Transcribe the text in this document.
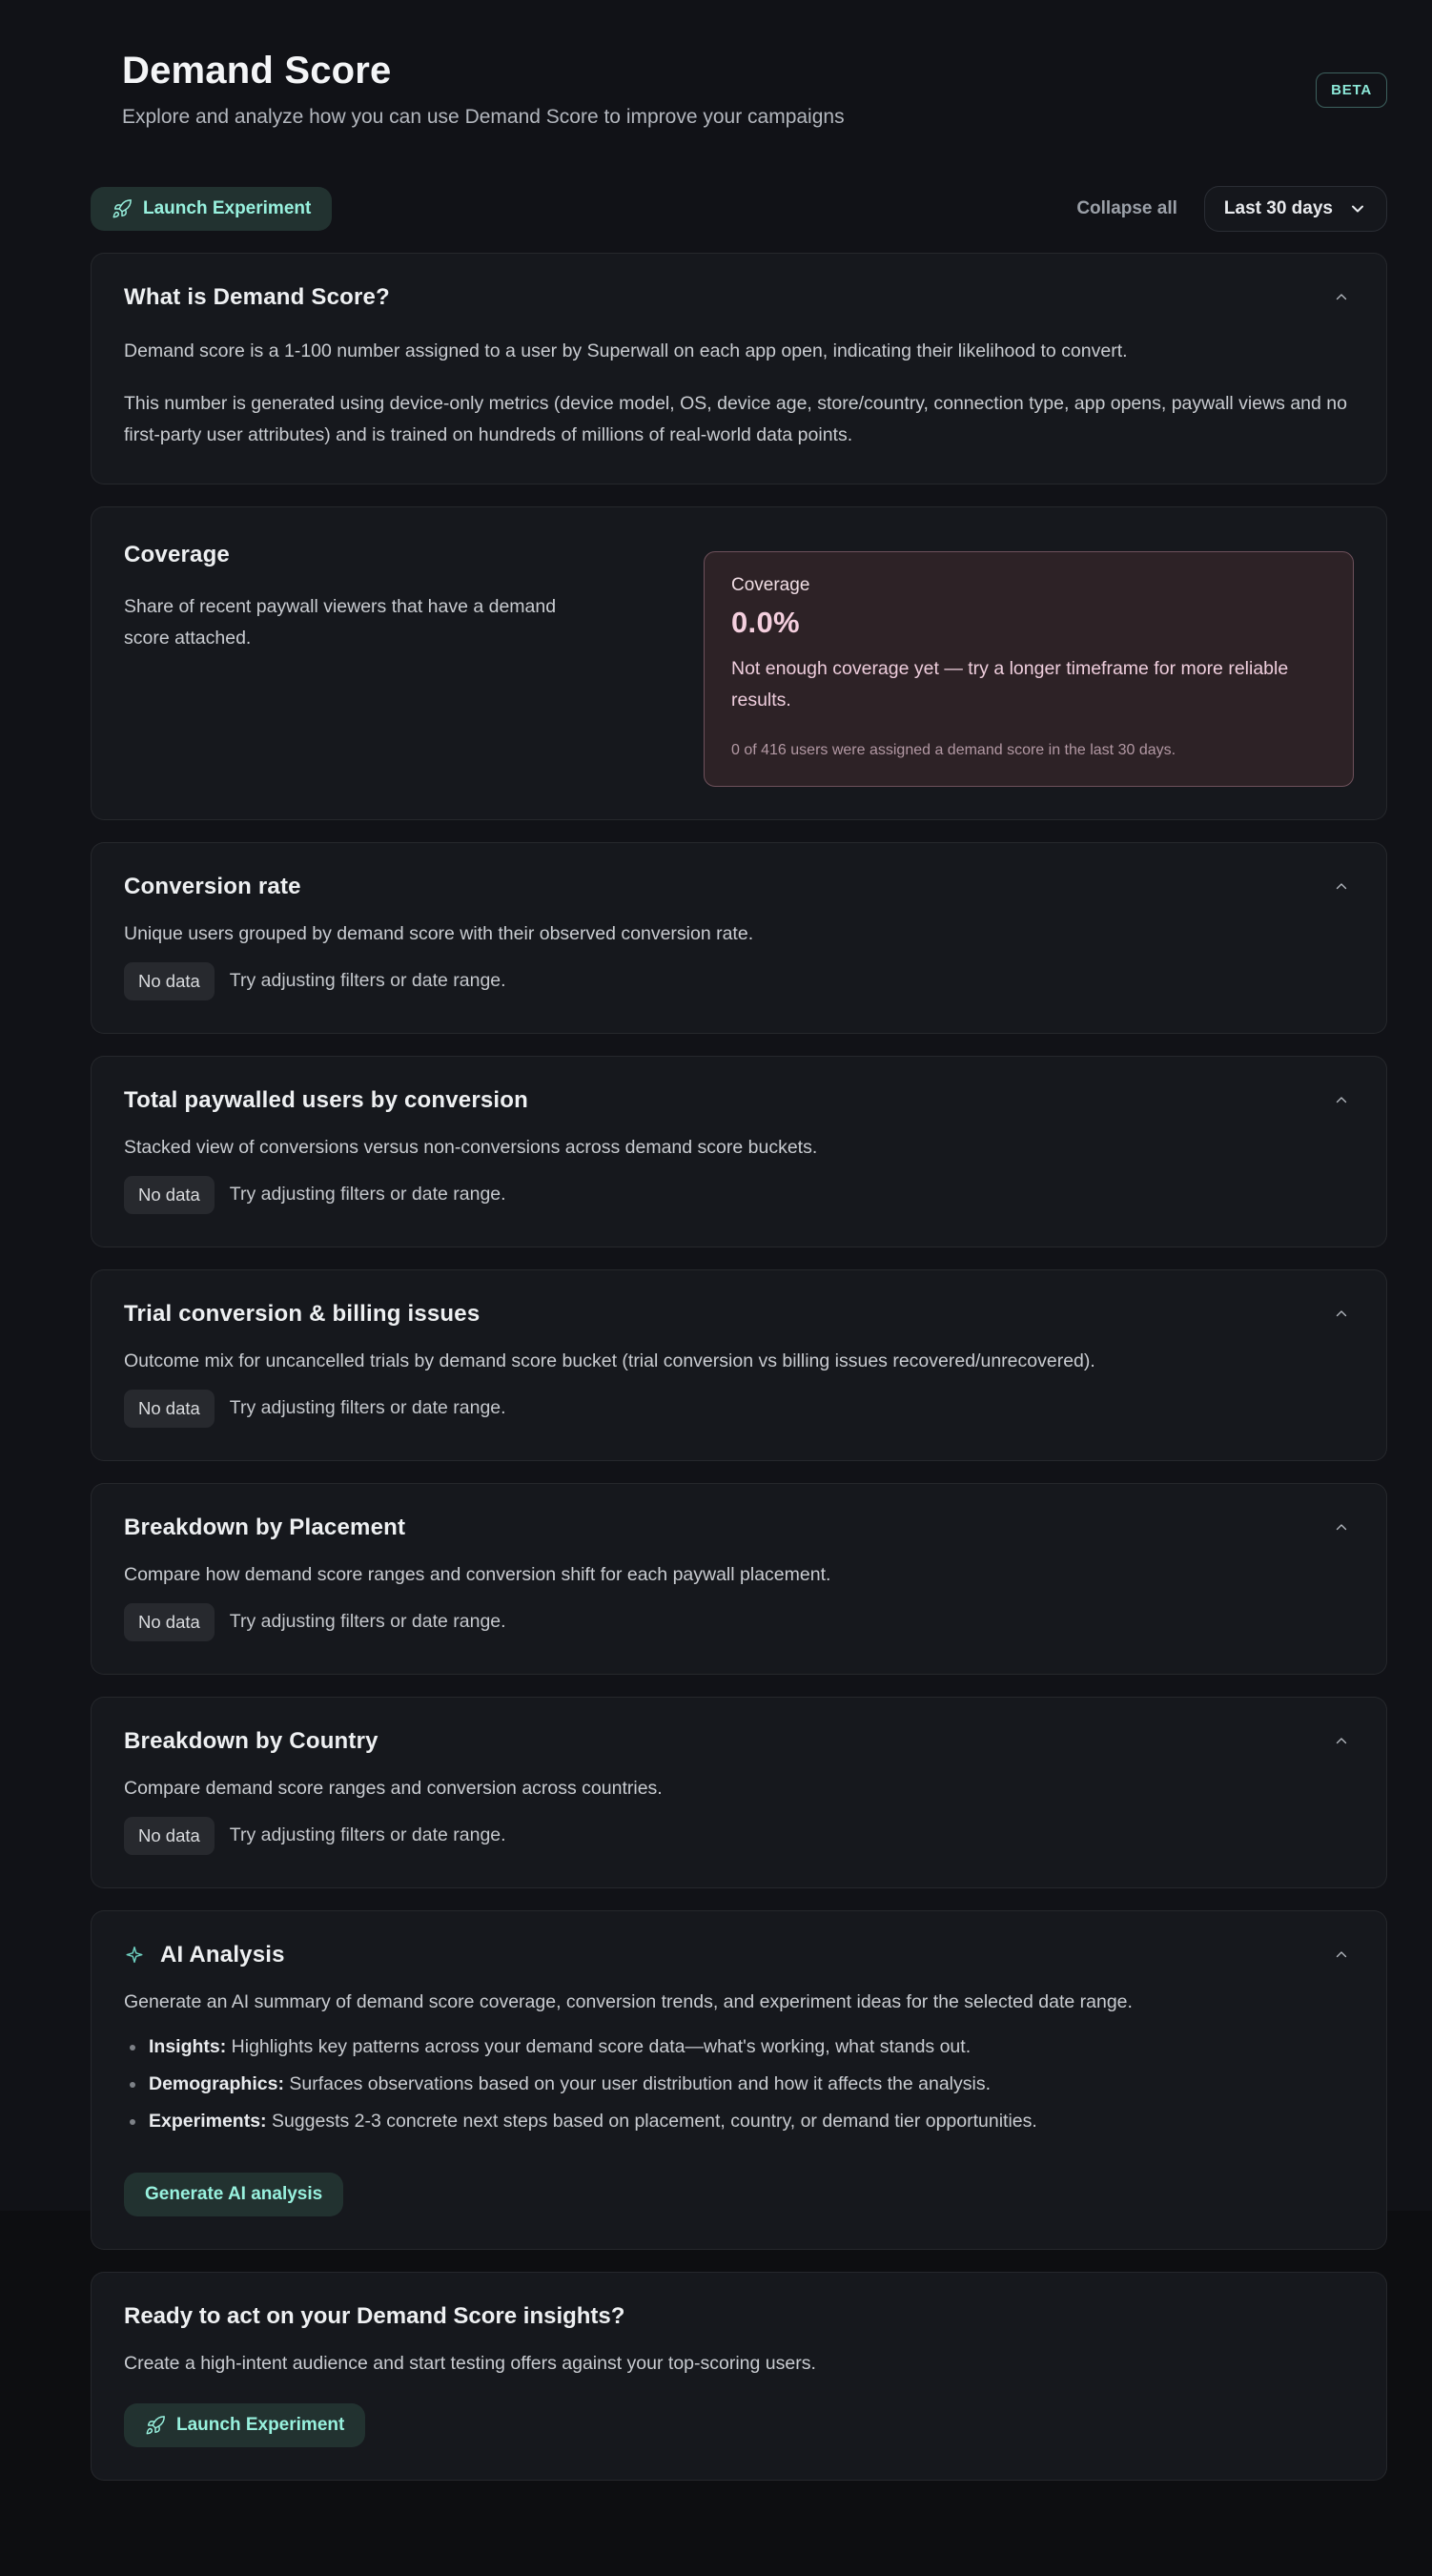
Demand Score

Explore and analyze how you can use Demand Score to improve your campaigns

BETA
Launch Experiment	Collapse all	Last 30 days
What is Demand Score?

Demand score is a 1-100 number assigned to a user by Superwall on each app open, indicating their likelihood to convert.

This number is generated using device-only metrics (device model, OS, device age, store/country, connection type, app opens, paywall views and no first-party user attributes) and is trained on hundreds of millions of real-world data points.

Coverage

Share of recent paywall viewers that have a demand score attached.

Coverage
0.0%
Not enough coverage yet — try a longer timeframe for more reliable results.
0 of 416 users were assigned a demand score in the last 30 days.
Conversion rate

Unique users grouped by demand score with their observed conversion rate.

No data	Try adjusting filters or date range.
Total paywalled users by conversion

Stacked view of conversions versus non-conversions across demand score buckets.

No data	Try adjusting filters or date range.
Trial conversion & billing issues

Outcome mix for uncancelled trials by demand score bucket (trial conversion vs billing issues recovered/unrecovered).

No data	Try adjusting filters or date range.
Breakdown by Placement

Compare how demand score ranges and conversion shift for each paywall placement.

No data	Try adjusting filters or date range.
Breakdown by Country

Compare demand score ranges and conversion across countries.

No data	Try adjusting filters or date range.
AI Analysis

Generate an AI summary of demand score coverage, conversion trends, and experiment ideas for the selected date range.

Insights: Highlights key patterns across your demand score data—what's working, what stands out.
Demographics: Surfaces observations based on your user distribution and how it affects the analysis.
Experiments: Suggests 2-3 concrete next steps based on placement, country, or demand tier opportunities.
Generate AI analysis
Ready to act on your Demand Score insights?

Create a high-intent audience and start testing offers against your top-scoring users.

Launch Experiment
